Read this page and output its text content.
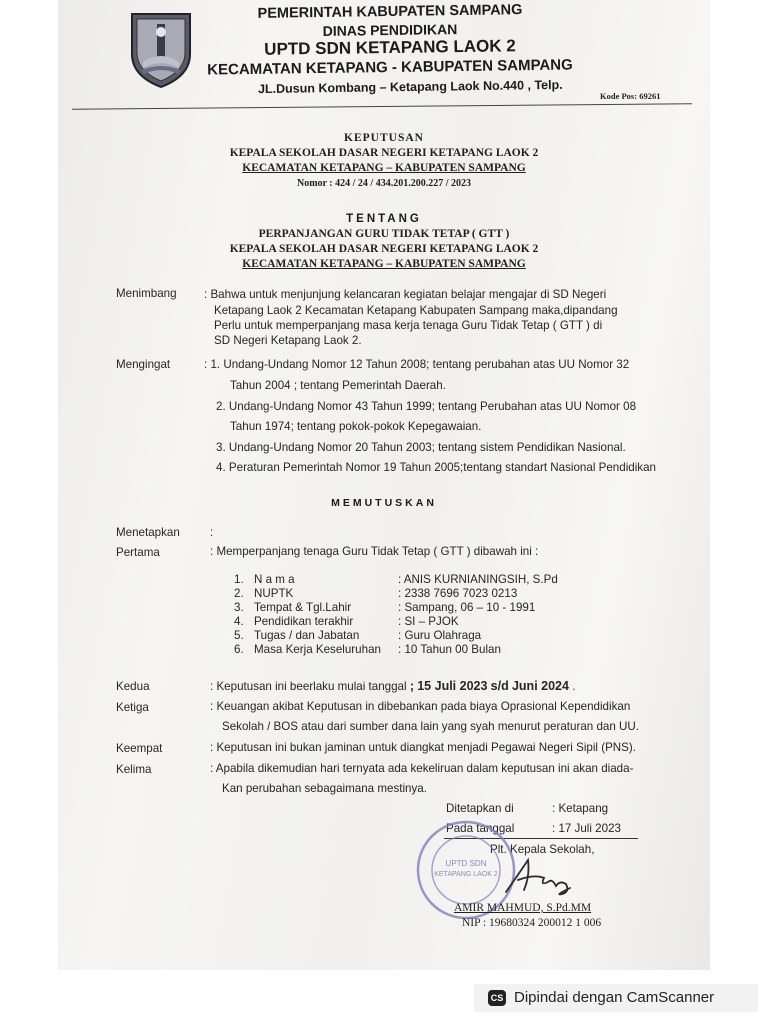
PEMERINTAH KABUPATEN SAMPANG
DINAS PENDIDIKAN
UPTD SDN KETAPANG LAOK 2
KECAMATAN KETAPANG - KABUPATEN SAMPANG
JL.Dusun Kombang – Ketapang Laok No.440 , Telp.	Kode Pos: 69261
KEPUTUSAN
KEPALA SEKOLAH DASAR NEGERI KETAPANG LAOK 2
KECAMATAN KETAPANG – KABUPATEN SAMPANG
Nomor : 424 / 24 / 434.201.200.227 / 2023
TENTANG
PERPANJANGAN GURU TIDAK TETAP ( GTT )
KEPALA SEKOLAH DASAR NEGERI KETAPANG LAOK 2
KECAMATAN KETAPANG – KABUPATEN SAMPANG
Menimbang : Bahwa untuk menjunjung kelancaran kegiatan belajar mengajar di SD Negeri
Ketapang Laok 2 Kecamatan Ketapang Kabupaten Sampang maka,dipandang
Perlu untuk memperpanjang masa kerja tenaga Guru Tidak Tetap ( GTT ) di
SD Negeri Ketapang Laok 2.
Mengingat	: 1. Undang-Undang Nomor 12 Tahun 2008; tentang perubahan atas UU Nomor 32
Tahun 2004 ; tentang Pemerintah Daerah.
2. Undang-Undang Nomor 43 Tahun 1999; tentang Perubahan atas UU Nomor 08
Tahun 1974; tentang pokok-pokok Kepegawaian.
3. Undang-Undang Nomor 20 Tahun 2003; tentang sistem Pendidikan Nasional.
4. Peraturan Pemerintah Nomor 19 Tahun 2005;tentang standart Nasional Pendidikan
MEMUTUSKAN
Menetapkan	:
Pertama	: Memperpanjang tenaga Guru Tidak Tetap ( GTT ) dibawah ini :
1. N a m a	: ANIS KURNIANINGSIH, S.Pd
2. NUPTK	: 2338 7696 7023 0213
3. Tempat & Tgl.Lahir	: Sampang, 06 – 10 - 1991
4. Pendidikan terakhir	: SI – PJOK
5. Tugas / dan Jabatan	: Guru Olahraga
6. Masa Kerja Keseluruhan : 10 Tahun 00 Bulan
Kedua	: Keputusan ini beerlaku mulai tanggal ; 15 Juli 2023 s/d Juni 2024 .
Ketiga	: Keuangan akibat Keputusan in dibebankan pada biaya Oprasional Kependidikan
Sekolah / BOS atau dari sumber dana lain yang syah menurut peraturan dan UU.
Keempat	: Keputusan ini bukan jaminan untuk diangkat menjadi Pegawai Negeri Sipil (PNS).
Kelima	: Apabila dikemudian hari ternyata ada kekeliruan dalam keputusan ini akan diada-
Kan perubahan sebagaimana mestinya.
Ditetapkan di	: Ketapang
Pada tanggal	: 17 Juli 2023
Plt. Kepala Sekolah,
UPTD SDN
KETAPANG LAOK 2
AMIR MAHMUD, S.Pd.MM
NIP : 19680324 200012 1 006
CS Dipindai dengan CamScanner
